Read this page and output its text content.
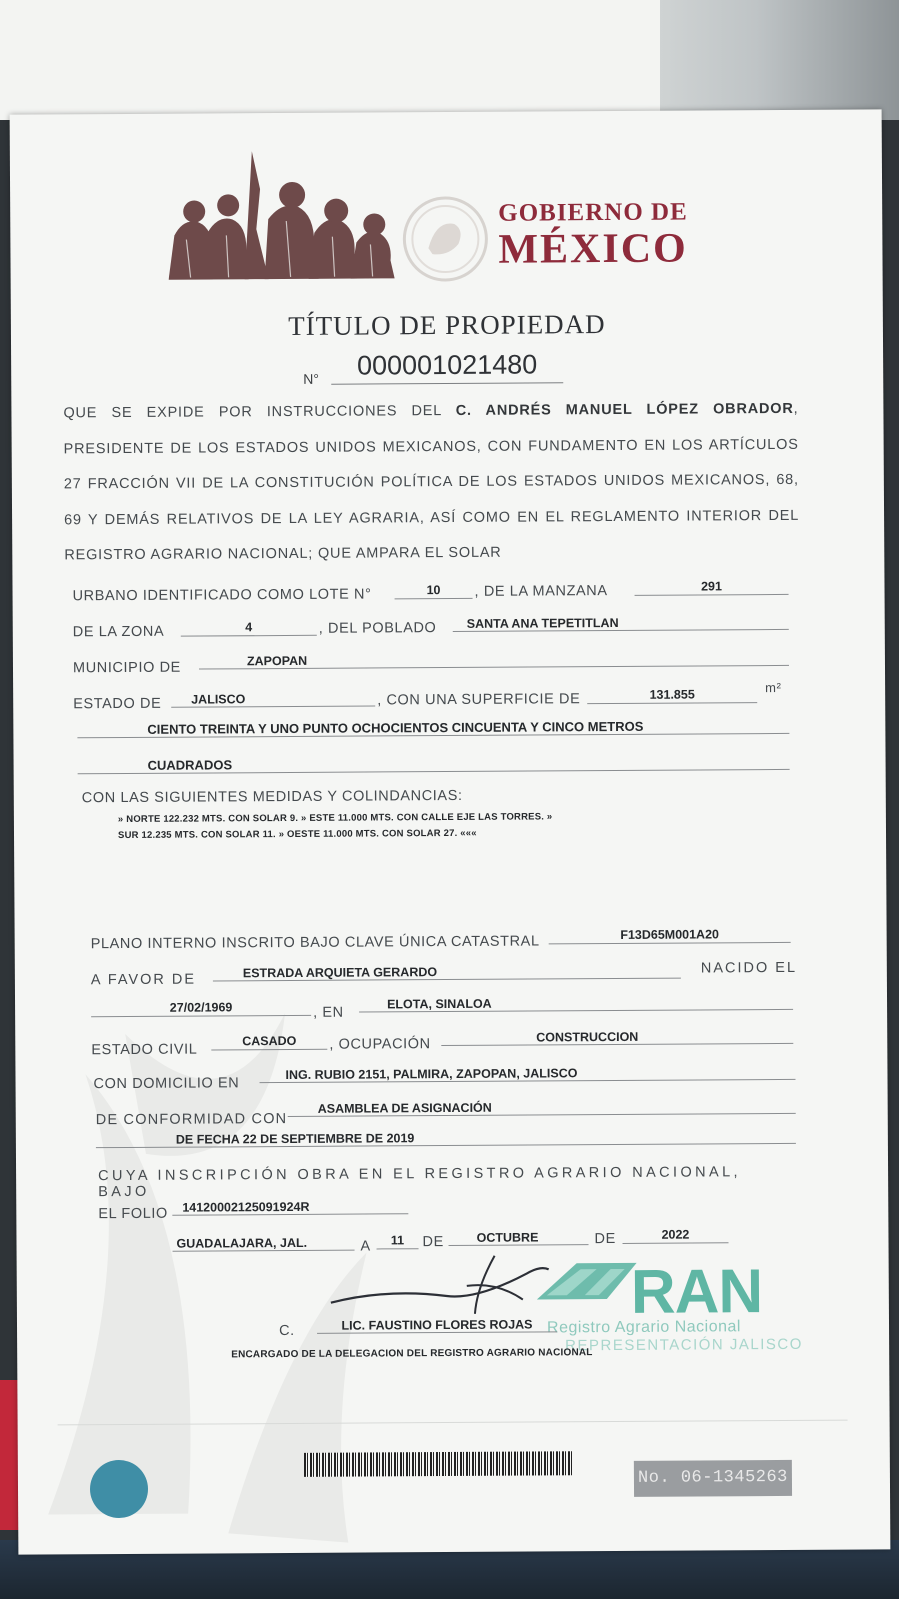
GOBIERNO DE
MÉXICO
TÍTULO DE PROPIEDAD
N°	000001021480
QUE SE EXPIDE POR INSTRUCCIONES DEL C. ANDRÉS MANUEL LÓPEZ OBRADOR, PRESIDENTE DE LOS ESTADOS UNIDOS MEXICANOS, CON FUNDAMENTO EN LOS ARTÍCULOS 27 FRACCIÓN VII DE LA CONSTITUCIÓN POLÍTICA DE LOS ESTADOS UNIDOS MEXICANOS, 68, 69 Y DEMÁS RELATIVOS DE LA LEY AGRARIA, ASÍ COMO EN EL REGLAMENTO INTERIOR DEL REGISTRO AGRARIO NACIONAL; QUE AMPARA EL SOLAR
URBANO IDENTIFICADO COMO LOTE N°	10	, DE LA MANZANA	291
DE LA ZONA	4	, DEL POBLADO	SANTA ANA TEPETITLAN
MUNICIPIO DE	ZAPOPAN
ESTADO DE	JALISCO	, CON UNA SUPERFICIE DE	131.855	m²
CIENTO TREINTA Y UNO PUNTO OCHOCIENTOS CINCUENTA Y CINCO METROS
CUADRADOS
CON LAS SIGUIENTES MEDIDAS Y COLINDANCIAS:
» NORTE 122.232 MTS. CON SOLAR 9. » ESTE 11.000 MTS. CON CALLE EJE LAS TORRES. »
SUR 12.235 MTS. CON SOLAR 11. » OESTE 11.000 MTS. CON SOLAR 27. «««
PLANO INTERNO INSCRITO BAJO CLAVE ÚNICA CATASTRAL	F13D65M001A20
A FAVOR DE	ESTRADA ARQUIETA GERARDO	NACIDO EL
27/02/1969	, EN
ELOTA, SINALOA
ESTADO CIVIL
CASADO	, OCUPACIÓN	CONSTRUCCION
CON DOMICILIO EN
ING. RUBIO 2151, PALMIRA, ZAPOPAN, JALISCO
DE CONFORMIDAD CON
ASAMBLEA DE ASIGNACIÓN
DE FECHA 22 DE SEPTIEMBRE DE 2019
CUYA INSCRIPCIÓN OBRA EN EL REGISTRO AGRARIO NACIONAL, BAJO
EL FOLIO	14120002125091924R
GUADALAJARA, JAL.	A	11	DE	OCTUBRE	DE	2022
RAN
Registro Agrario Nacional
REPRESENTACIÓN JALISCO
C.	LIC. FAUSTINO FLORES ROJAS
ENCARGADO DE LA DELEGACION DEL REGISTRO AGRARIO NACIONAL
No. 06-1345263
